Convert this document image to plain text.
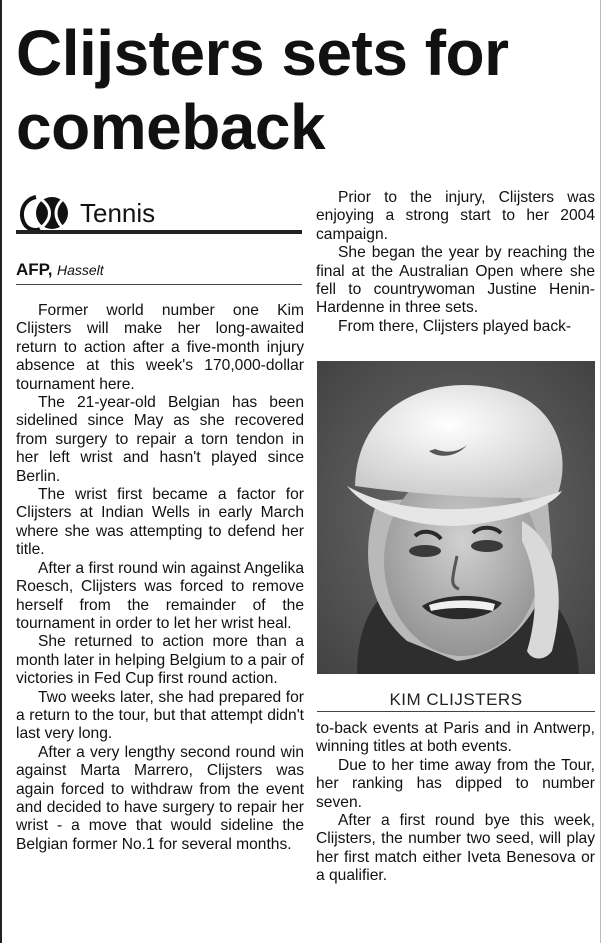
Clijsters sets for comeback
Tennis
AFP, Hasselt

Former world number one Kim Clijsters will make her long-awaited return to action after a five-month injury absence at this week's 170,000-dollar tournament here.

The 21-year-old Belgian has been sidelined since May as she recovered from surgery to repair a torn tendon in her left wrist and hasn't played since Berlin.

The wrist first became a factor for Clijsters at Indian Wells in early March where she was attempting to defend her title.

After a first round win against Angelika Roesch, Clijsters was forced to remove herself from the remainder of the tournament in order to let her wrist heal.

She returned to action more than a month later in helping Belgium to a pair of victories in Fed Cup first round action.

Two weeks later, she had prepared for a return to the tour, but that attempt didn't last very long.

After a very lengthy second round win against Marta Marrero, Clijsters was again forced to withdraw from the event and decided to have surgery to repair her wrist - a move that would sideline the Belgian former No.1 for several months.

Prior to the injury, Clijsters was enjoying a strong start to her 2004 campaign.

She began the year by reaching the final at the Australian Open where she fell to countrywoman Justine Henin-Hardenne in three sets.

From there, Clijsters played back-

KIM CLIJSTERS

to-back events at Paris and in Antwerp, winning titles at both events.

Due to her time away from the Tour, her ranking has dipped to number seven.

After a first round bye this week, Clijsters, the number two seed, will play her first match either Iveta Benesova or a qualifier.
